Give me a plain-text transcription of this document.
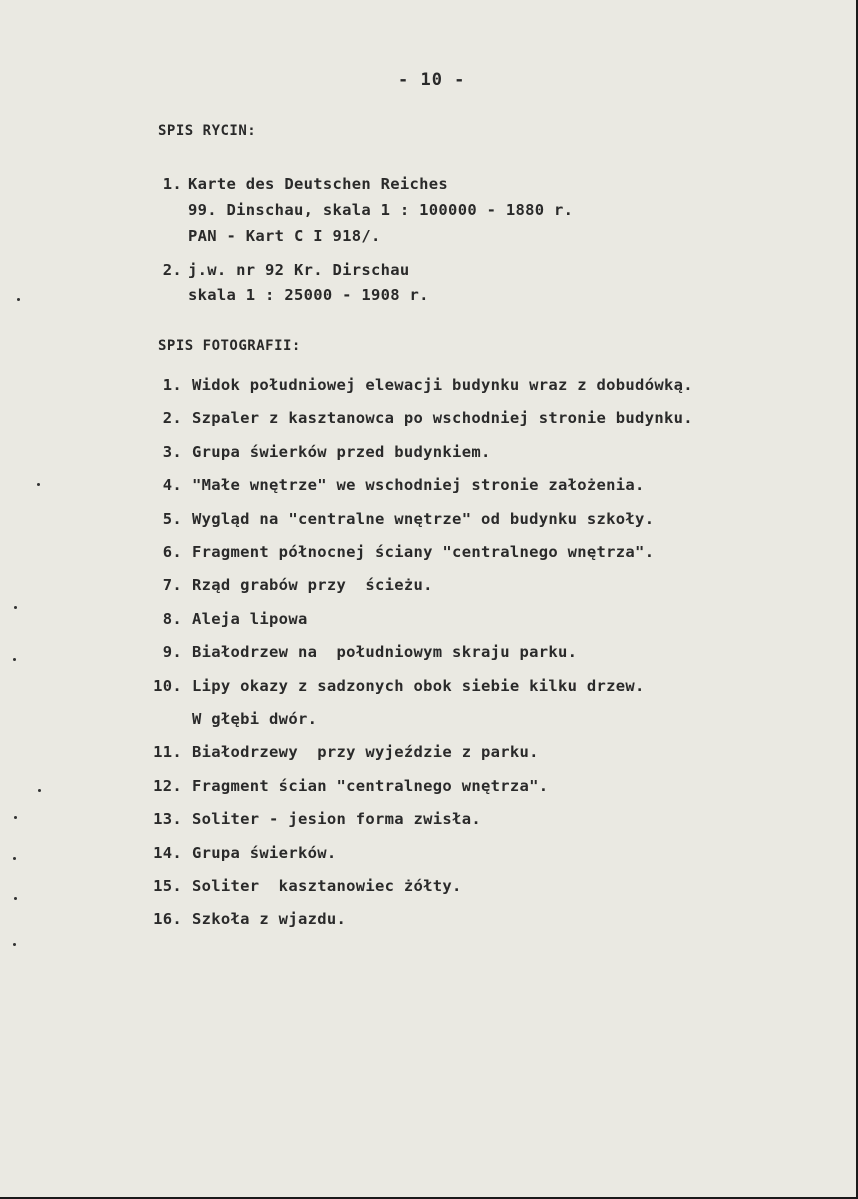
- 10 -
SPIS RYCIN:
1. Karte des Deutschen Reiches
99. Dinschau, skala 1 : 100000 - 1880 r.
PAN - Kart C I 918/.
2. j.w. nr 92 Kr. Dirschau
skala 1 : 25000 - 1908 r.
SPIS FOTOGRAFII:
1. Widok południowej elewacji budynku wraz z dobudówką.
2. Szpaler z kasztanowca po wschodniej stronie budynku.
3. Grupa świerków przed budynkiem.
4. "Małe wnętrze" we wschodniej stronie założenia.
5. Wygląd na "centralne wnętrze" od budynku szkoły.
6. Fragment północnej ściany "centralnego wnętrza".
7. Rząd grabów przy  ścieżu.
8. Aleja lipowa
9. Białodrzew na  południowym skraju parku.
10. Lipy okazy z sadzonych obok siebie kilku drzew.
W głębi dwór.
11. Białodrzewy  przy wyjeździe z parku.
12. Fragment ścian "centralnego wnętrza".
13. Soliter - jesion forma zwisła.
14. Grupa świerków.
15. Soliter  kasztanowiec żółty.
16. Szkoła z wjazdu.
